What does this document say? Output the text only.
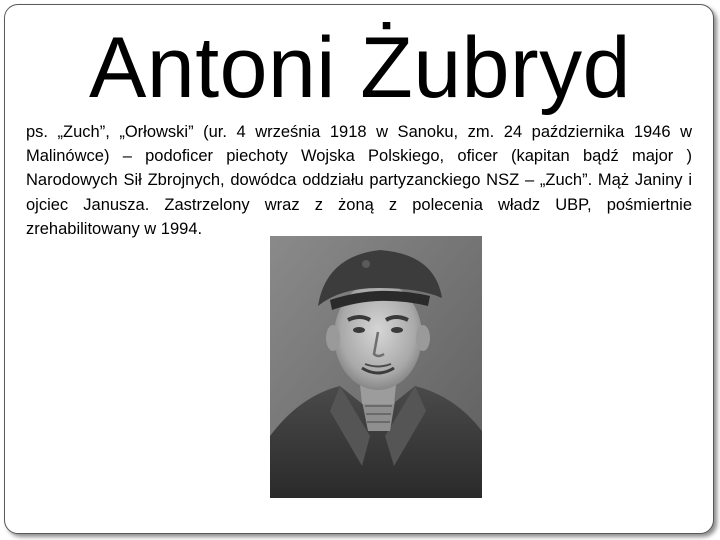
Antoni Żubryd
ps. „Zuch”, „Orłowski” (ur. 4 września 1918 w Sanoku, zm. 24 października 1946 w Malinówce) – podoficer piechoty Wojska Polskiego, oficer (kapitan bądź major ) Narodowych Sił Zbrojnych, dowódca oddziału partyzanckiego NSZ – „Zuch”. Mąż Janiny i ojciec Janusza. Zastrzelony wraz z żoną z polecenia władz UBP, pośmiertnie zrehabilitowany w 1994.
